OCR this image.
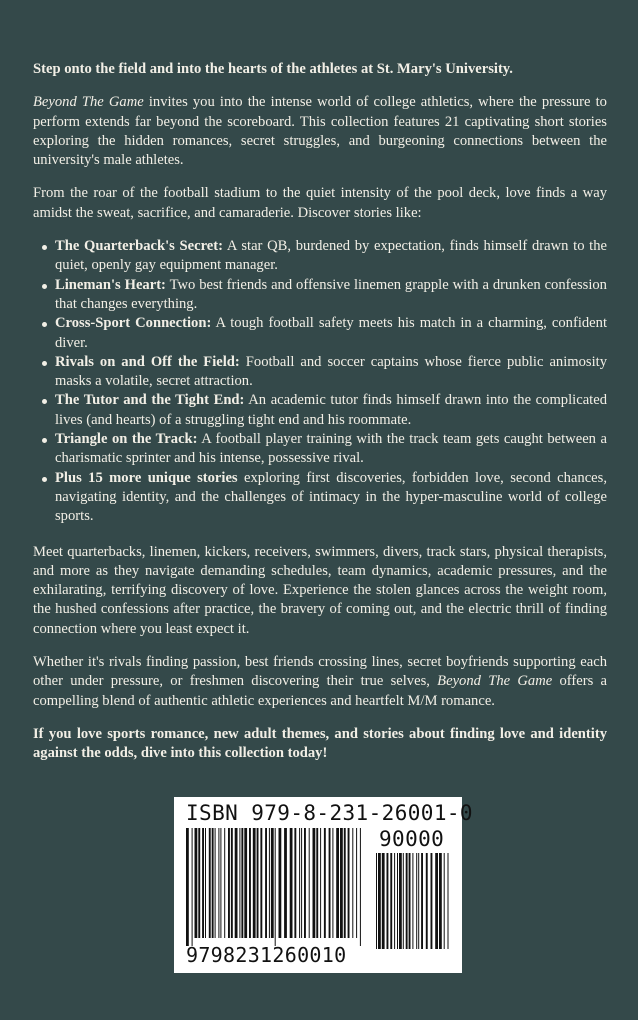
Step onto the field and into the hearts of the athletes at St. Mary's University.

Beyond The Game invites you into the intense world of college athletics, where the pressure to perform extends far beyond the scoreboard. This collection features 21 captivating short stories exploring the hidden romances, secret struggles, and burgeoning connections between the university's male athletes.

From the roar of the football stadium to the quiet intensity of the pool deck, love finds a way amidst the sweat, sacrifice, and camaraderie. Discover stories like:

The Quarterback's Secret: A star QB, burdened by expectation, finds himself drawn to the quiet, openly gay equipment manager.
Lineman's Heart: Two best friends and offensive linemen grapple with a drunken confession that changes everything.
Cross-Sport Connection: A tough football safety meets his match in a charming, confident diver.
Rivals on and Off the Field: Football and soccer captains whose fierce public animosity masks a volatile, secret attraction.
The Tutor and the Tight End: An academic tutor finds himself drawn into the complicated lives (and hearts) of a struggling tight end and his roommate.
Triangle on the Track: A football player training with the track team gets caught between a charismatic sprinter and his intense, possessive rival.
Plus 15 more unique stories exploring first discoveries, forbidden love, second chances, navigating identity, and the challenges of intimacy in the hyper-masculine world of college sports.

Meet quarterbacks, linemen, kickers, receivers, swimmers, divers, track stars, physical therapists, and more as they navigate demanding schedules, team dynamics, academic pressures, and the exhilarating, terrifying discovery of love. Experience the stolen glances across the weight room, the hushed confessions after practice, the bravery of coming out, and the electric thrill of finding connection where you least expect it.

Whether it's rivals finding passion, best friends crossing lines, secret boyfriends supporting each other under pressure, or freshmen discovering their true selves, Beyond The Game offers a compelling blend of authentic athletic experiences and heartfelt M/M romance.

If you love sports romance, new adult themes, and stories about finding love and identity against the odds, dive into this collection today!

ISBN 979-8-231-26001-0
90000
9798231260010
